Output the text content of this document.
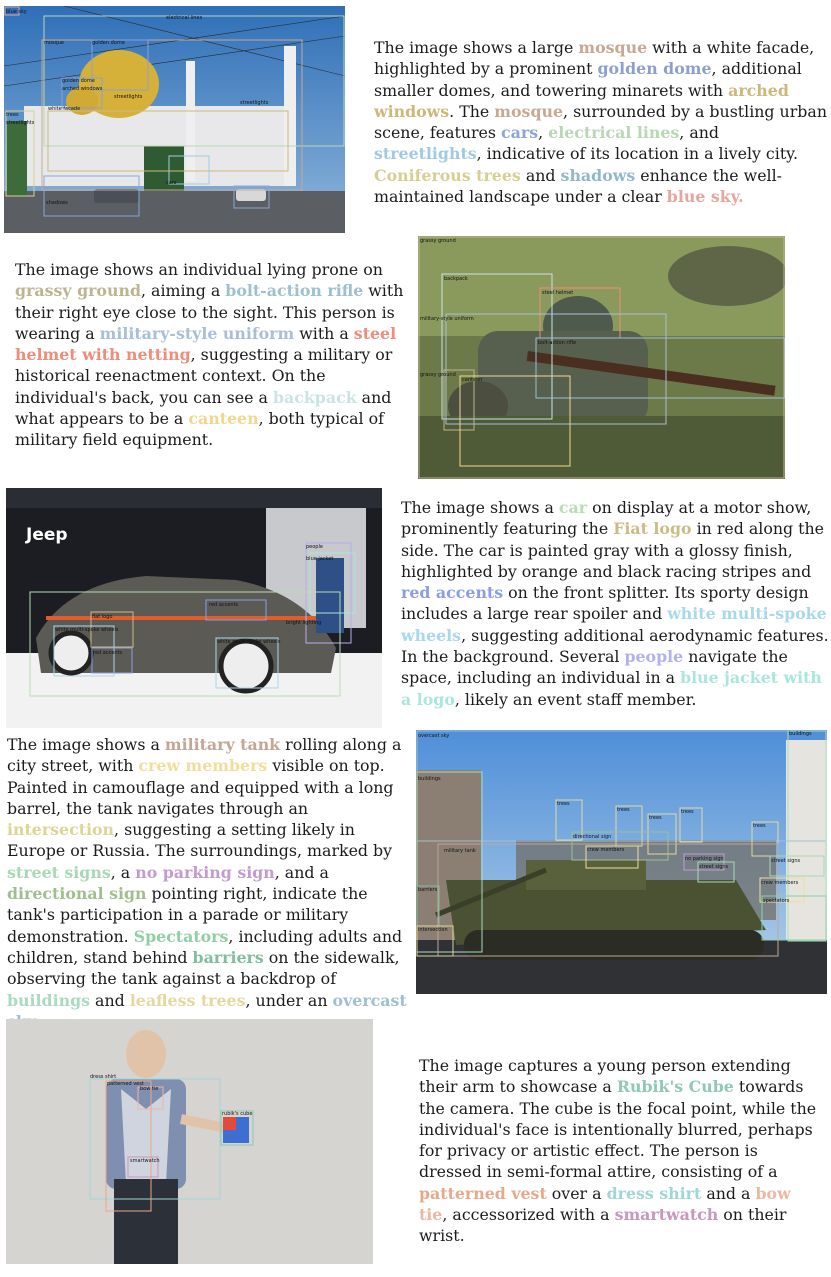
blue sky
electrical lines
mosque	golden dome
golden dome
arched windows
streetlights
streetlights
trees
streetlights
white facade
cars
shadows

The image shows a large mosque with a white facade, highlighted by a prominent golden dome, additional smaller domes, and towering minarets with arched windows. The mosque, surrounded by a bustling urban scene, features cars, electrical lines, and streetlights, indicative of its location in a lively city. Coniferous trees and shadows enhance the well-maintained landscape under a clear blue sky.

The image shows an individual lying prone on grassy ground, aiming a bolt-action rifle with their right eye close to the sight. This person is wearing a military-style uniform with a steel helmet with netting, suggesting a military or historical reenactment context. On the individual's back, you can see a backpack and what appears to be a canteen, both typical of military field equipment.

grassy ground
backpack
steel helmet
military-style uniform
bolt-action rifle
grassy ground
canteen
Jeep
fiat logo
people
blue jacket
white multi-spoke wheels
red accents
red accents
white multi-spoke wheels
bright lighting

The image shows a car on display at a motor show, prominently featuring the Fiat logo in red along the side. The car is painted gray with a glossy finish, highlighted by orange and black racing stripes and red accents on the front splitter. Its sporty design includes a large rear spoiler and white multi-spoke wheels, suggesting additional aerodynamic features. In the background. Several people navigate the space, including an individual in a blue jacket with a logo, likely an event staff member.

The image shows a military tank rolling along a city street, with crew members visible on top. Painted in camouflage and equipped with a long barrel, the tank navigates through an intersection, suggesting a setting likely in Europe or Russia. The surroundings, marked by street signs, a no parking sign, and a directional sign pointing right, indicate the tank's participation in a parade or military demonstration. Spectators, including adults and children, stand behind barriers on the sidewalk, observing the tank against a backdrop of buildings and leafless trees, under an overcast

overcast sky
buildings
buildings
trees
trees
trees
trees
trees
directional sign
crew members
military tank
no parking sign
street signs
street signs
crew members
barriers
spectators
intersection
dress shirt
patterned vest
bow tie
rubik's cube
smartwatch

The image captures a young person extending their arm to showcase a Rubik's Cube towards the camera. The cube is the focal point, while the individual's face is intentionally blurred, perhaps for privacy or artistic effect. The person is dressed in semi-formal attire, consisting of a patterned vest over a dress shirt and a bow tie, accessorized with a smartwatch on their wrist.
